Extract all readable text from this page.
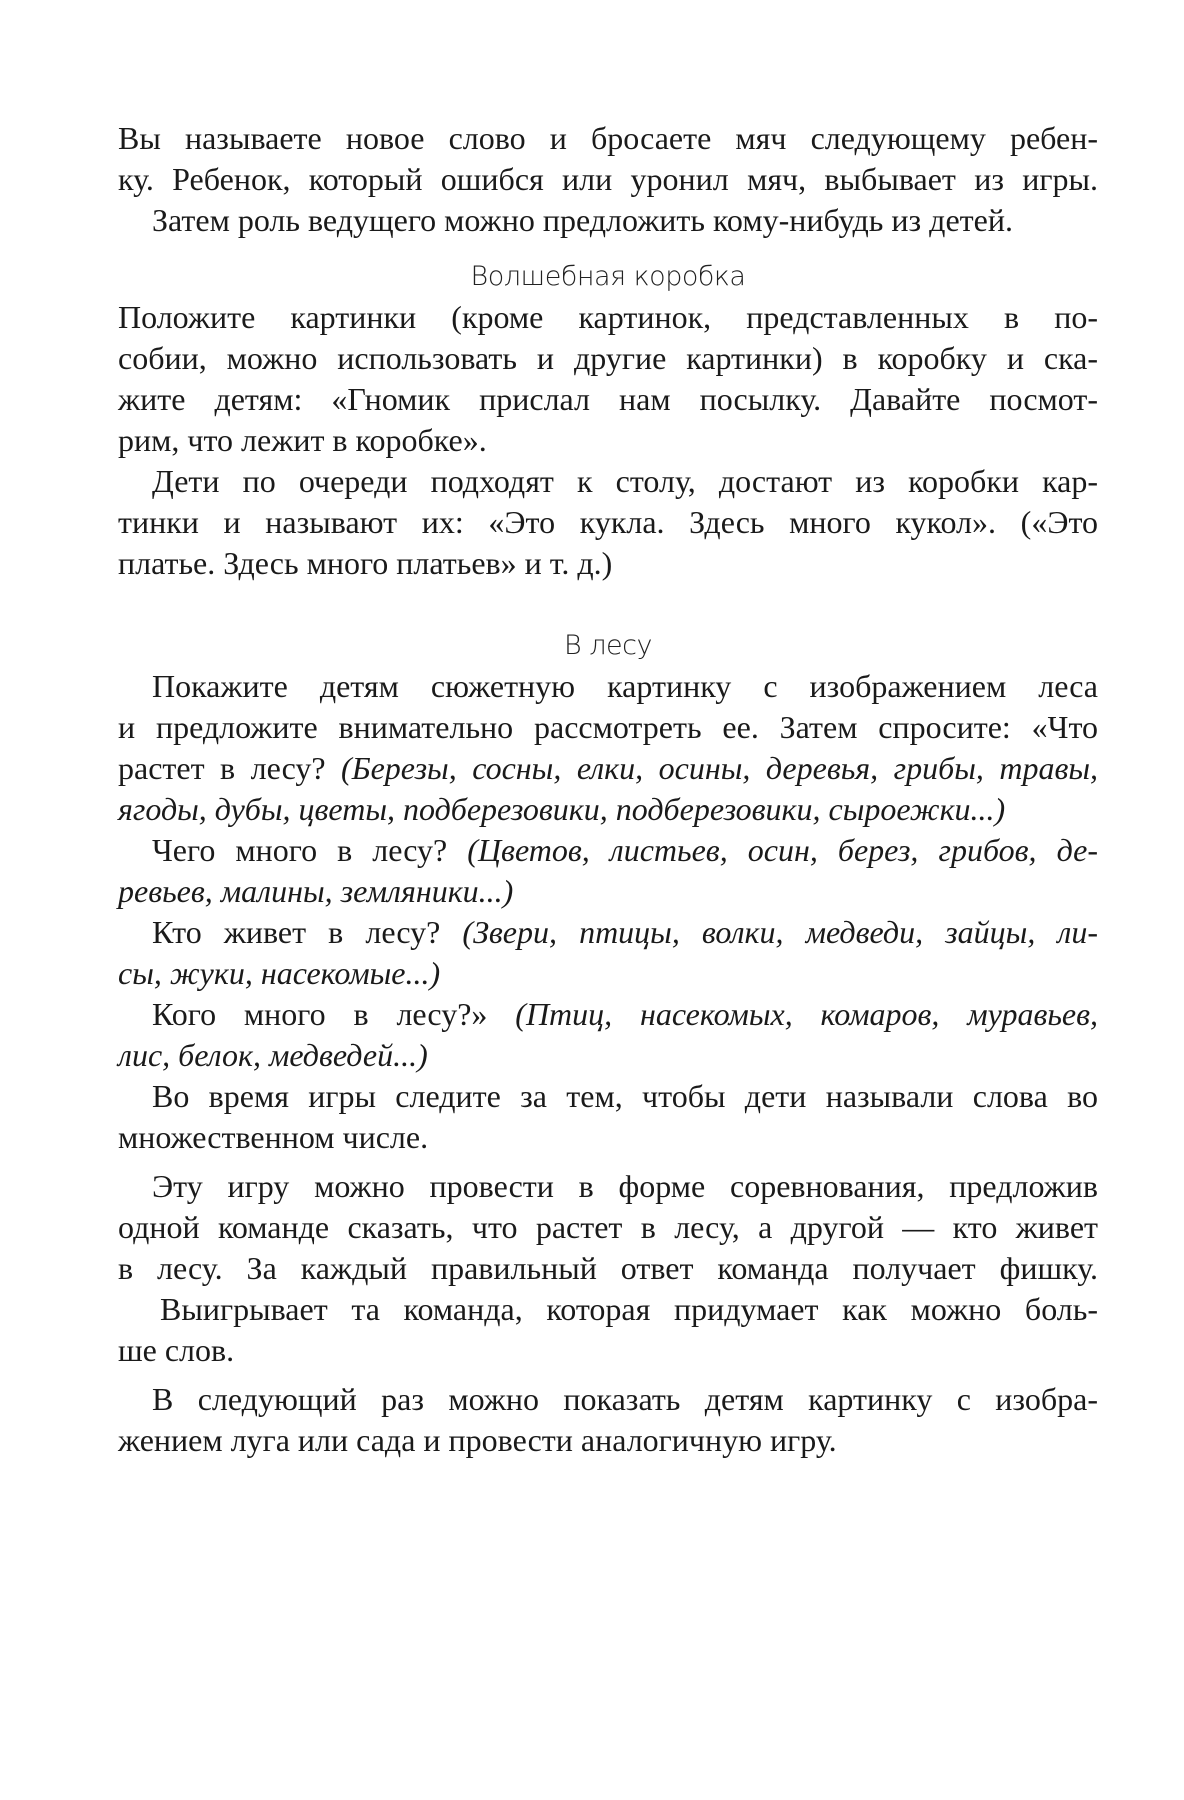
Вы называете новое слово и бросаете мяч следующему ребен-
ку. Ребенок, который ошибся или уронил мяч, выбывает из игры.
Затем роль ведущего можно предложить кому-нибудь из детей.
Волшебная коробка
Положите картинки (кроме картинок, представленных в по-
собии, можно использовать и другие картинки) в коробку и ска-
жите детям: «Гномик прислал нам посылку. Давайте посмот-
рим, что лежит в коробке».
Дети по очереди подходят к столу, достают из коробки кар-
тинки и называют их: «Это кукла. Здесь много кукол». («Это
платье. Здесь много платьев» и т. д.)
В лесу
Покажите детям сюжетную картинку с изображением леса
и предложите внимательно рассмотреть ее. Затем спросите: «Что
растет в лесу? (Березы, сосны, елки, осины, деревья, грибы, травы,
ягоды, дубы, цветы, подберезовики, подберезовики, сыроежки...)
Чего много в лесу? (Цветов, листьев, осин, берез, грибов, де-
ревьев, малины, земляники...)
Кто живет в лесу? (Звери, птицы, волки, медведи, зайцы, ли-
сы, жуки, насекомые...)
Кого много в лесу?» (Птиц, насекомых, комаров, муравьев,
лис, белок, медведей...)
Во время игры следите за тем, чтобы дети называли слова во
множественном числе.
Эту игру можно провести в форме соревнования, предложив
одной команде сказать, что растет в лесу, а другой — кто живет
в лесу. За каждый правильный ответ команда получает фишку.
Выигрывает та команда, которая придумает как можно боль-
ше слов.
В следующий раз можно показать детям картинку с изобра-
жением луга или сада и провести аналогичную игру.
